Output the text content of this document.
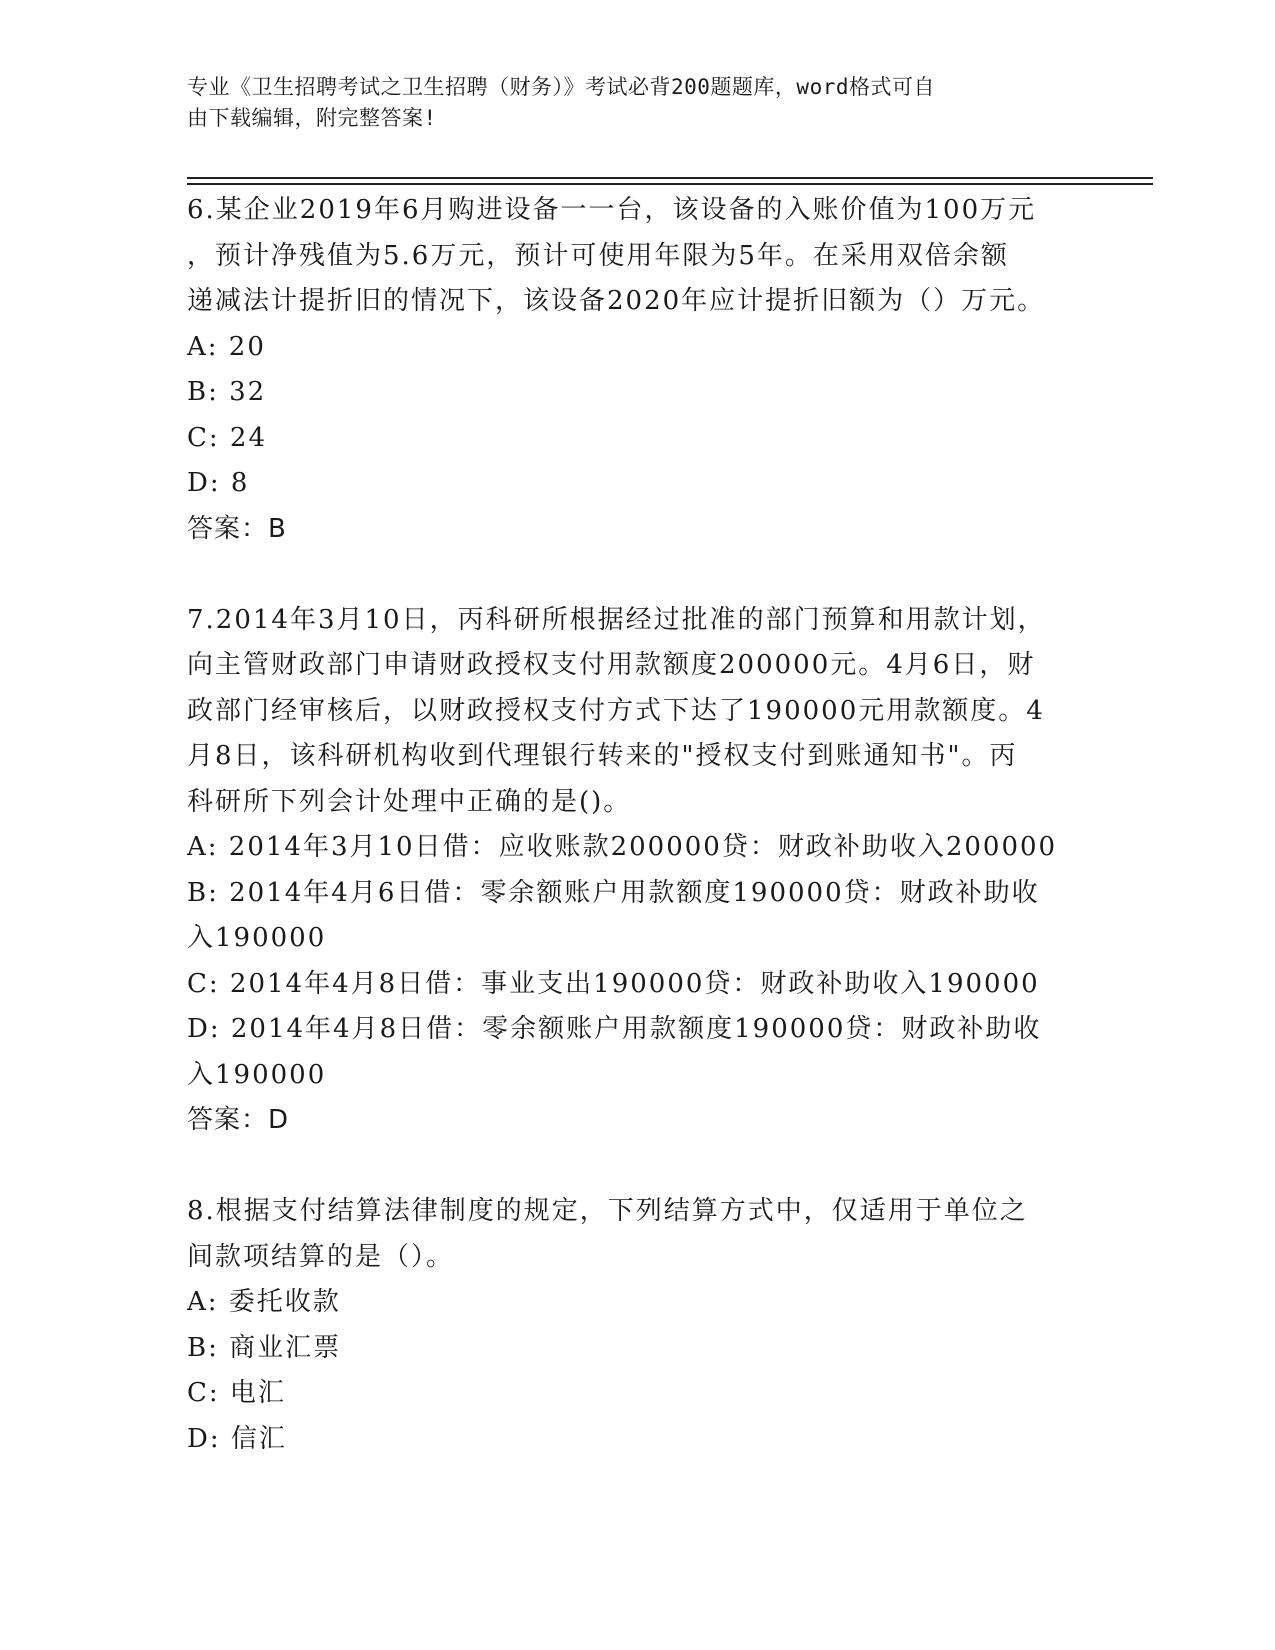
专业《卫生招聘考试之卫生招聘（财务）》考试必背200题题库，word格式可自
由下载编辑，附完整答案!
6.某企业2019年6月购进设备一一台，该设备的入账价值为100万元
，预计净残值为5.6万元，预计可使用年限为5年。在采用双倍余额
递减法计提折旧的情况下，该设备2020年应计提折旧额为（）万元。
A: 20
B: 32
C: 24
D: 8
答案：B
7.2014年3月10日，丙科研所根据经过批准的部门预算和用款计划，
向主管财政部门申请财政授权支付用款额度200000元。4月6日，财
政部门经审核后，以财政授权支付方式下达了190000元用款额度。4
月8日，该科研机构收到代理银行转来的"授权支付到账通知书"。丙
科研所下列会计处理中正确的是()。
A: 2014年3月10日借：应收账款200000贷：财政补助收入200000
B: 2014年4月6日借：零余额账户用款额度190000贷：财政补助收
入190000
C: 2014年4月8日借：事业支出190000贷：财政补助收入190000
D: 2014年4月8日借：零余额账户用款额度190000贷：财政补助收
入190000
答案：D
8.根据支付结算法律制度的规定，下列结算方式中，仅适用于单位之
间款项结算的是（）。
A: 委托收款
B: 商业汇票
C: 电汇
D: 信汇
